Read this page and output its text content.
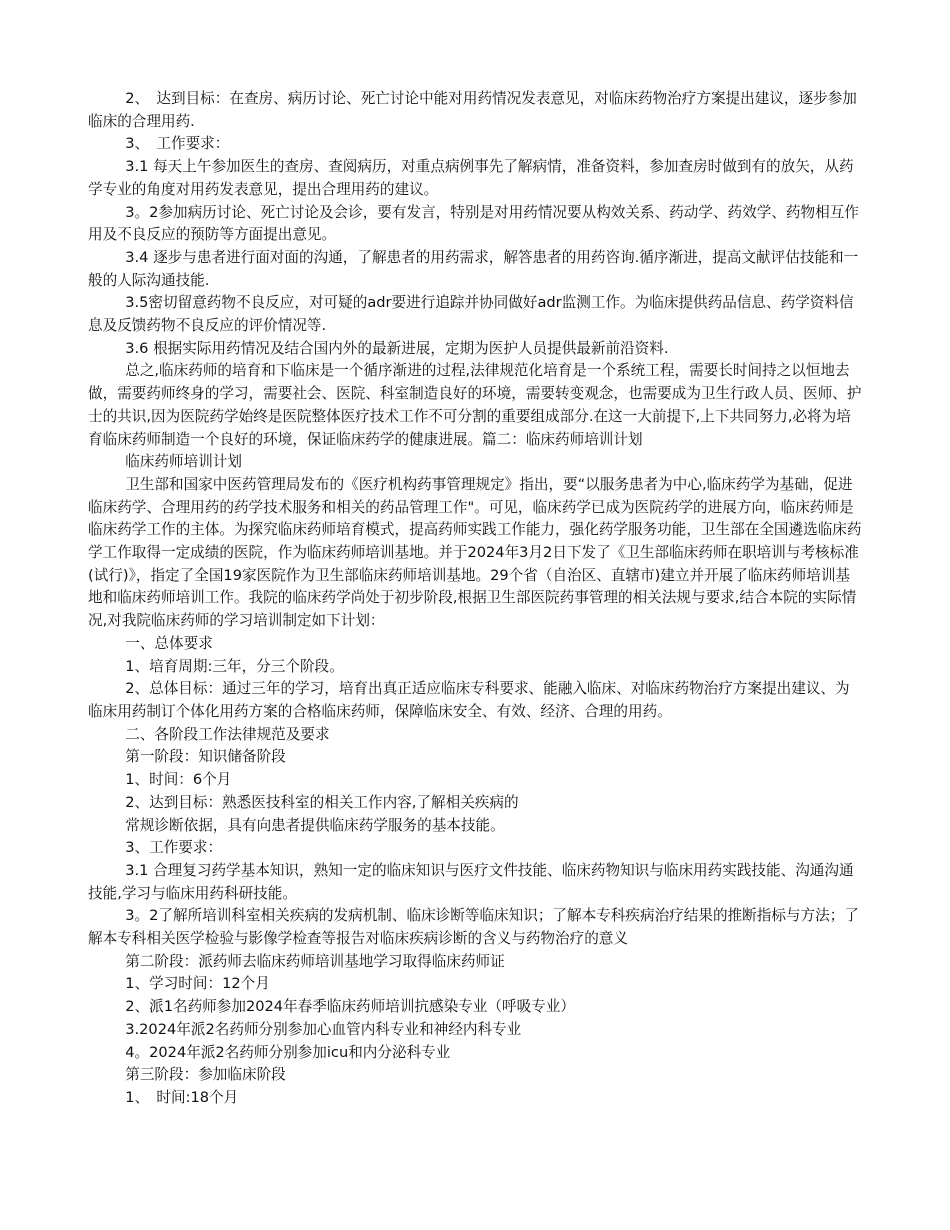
2、　达到目标：在查房、病历讨论、死亡讨论中能对用药情况发表意见，对临床药物治疗方案提出建议，逐步参加临床的合理用药.

3、　工作要求：

3.1 每天上午参加医生的查房、查阅病历，对重点病例事先了解病情，准备资料，参加查房时做到有的放矢，从药学专业的角度对用药发表意见，提出合理用药的建议。

3。2参加病历讨论、死亡讨论及会诊，要有发言，特别是对用药情况要从构效关系、药动学、药效学、药物相互作用及不良反应的预防等方面提出意见。

3.4 逐步与患者进行面对面的沟通，了解患者的用药需求，解答患者的用药咨询.循序渐进，提高文献评估技能和一般的人际沟通技能.

3.5密切留意药物不良反应，对可疑的adr要进行追踪并协同做好adr监测工作。为临床提供药品信息、药学资料信息及反馈药物不良反应的评价情况等.

3.6 根据实际用药情况及结合国内外的最新进展，定期为医护人员提供最新前沿资料.

总之,临床药师的培育和下临床是一个循序渐进的过程,法律规范化培育是一个系统工程，需要长时间持之以恒地去做，需要药师终身的学习，需要社会、医院、科室制造良好的环境，需要转变观念，也需要成为卫生行政人员、医师、护士的共识,因为医院药学始终是医院整体医疗技术工作不可分割的重要组成部分.在这一大前提下,上下共同努力,必将为培育临床药师制造一个良好的环境，保证临床药学的健康进展。篇二：临床药师培训计划

临床药师培训计划

卫生部和国家中医药管理局发布的《医疗机构药事管理规定》指出，要“以服务患者为中心,临床药学为基础，促进临床药学、合理用药的药学技术服务和相关的药品管理工作"。可见，临床药学已成为医院药学的进展方向，临床药师是临床药学工作的主体。为探究临床药师培育模式，提高药师实践工作能力，强化药学服务功能，卫生部在全国遴选临床药学工作取得一定成绩的医院，作为临床药师培训基地。并于2024年3月2日下发了《卫生部临床药师在职培训与考核标准(试行)》，指定了全国19家医院作为卫生部临床药师培训基地。29个省（自治区、直辖市)建立并开展了临床药师培训基地和临床药师培训工作。我院的临床药学尚处于初步阶段,根据卫生部医院药事管理的相关法规与要求,结合本院的实际情况,对我院临床药师的学习培训制定如下计划：

一、总体要求

1、培育周期:三年，分三个阶段。

2、总体目标：通过三年的学习，培育出真正适应临床专科要求、能融入临床、对临床药物治疗方案提出建议、为临床用药制订个体化用药方案的合格临床药师，保障临床安全、有效、经济、合理的用药。

二、各阶段工作法律规范及要求

第一阶段：知识储备阶段

1、时间：6个月

2、达到目标：熟悉医技科室的相关工作内容,了解相关疾病的

常规诊断依据，具有向患者提供临床药学服务的基本技能。

3、工作要求：

3.1 合理复习药学基本知识，熟知一定的临床知识与医疗文件技能、临床药物知识与临床用药实践技能、沟通沟通技能,学习与临床用药科研技能。

3。2了解所培训科室相关疾病的发病机制、临床诊断等临床知识；了解本专科疾病治疗结果的推断指标与方法；了解本专科相关医学检验与影像学检查等报告对临床疾病诊断的含义与药物治疗的意义

第二阶段：派药师去临床药师培训基地学习取得临床药师证

1、学习时间：12个月

2、派1名药师参加2024年春季临床药师培训抗感染专业（呼吸专业）

3.2024年派2名药师分别参加心血管内科专业和神经内科专业

4。2024年派2名药师分别参加icu和内分泌科专业

第三阶段：参加临床阶段

1、　时间:18个月
